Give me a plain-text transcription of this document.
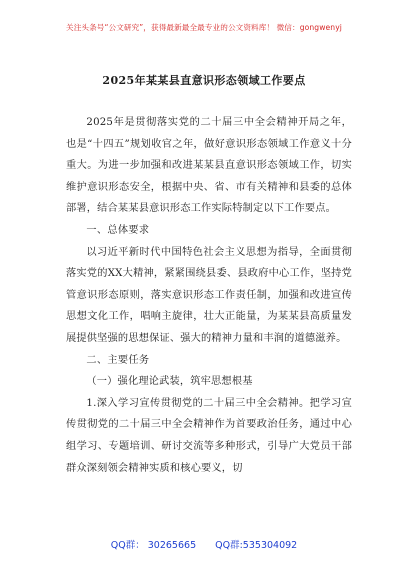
关注头条号“公文研究”，获得最新最全最专业的公文资料库！ 微信：gongwenyj
2025年某某县直意识形态领域工作要点

2025年是贯彻落实党的二十届三中全会精神开局之年，也是“十四五”规划收官之年，做好意识形态领域工作意义十分重大。为进一步加强和改进某某县直意识形态领域工作，切实维护意识形态安全，根据中央、省、市有关精神和县委的总体部署，结合某某县意识形态工作实际特制定以下工作要点。

一、总体要求

以习近平新时代中国特色社会主义思想为指导，全面贯彻落实党的XX大精神，紧紧围绕县委、县政府中心工作，坚持党管意识形态原则，落实意识形态工作责任制，加强和改进宣传思想文化工作，唱响主旋律，壮大正能量，为某某县高质量发展提供坚强的思想保证、强大的精神力量和丰润的道德滋养。

二、主要任务

（一）强化理论武装，筑牢思想根基

1.深入学习宣传贯彻党的二十届三中全会精神。把学习宣传贯彻党的二十届三中全会精神作为首要政治任务，通过中心组学习、专题培训、研讨交流等多种形式，引导广大党员干部群众深刻领会精神实质和核心要义，切

QQ群： 30265665 QQ群:535304092
